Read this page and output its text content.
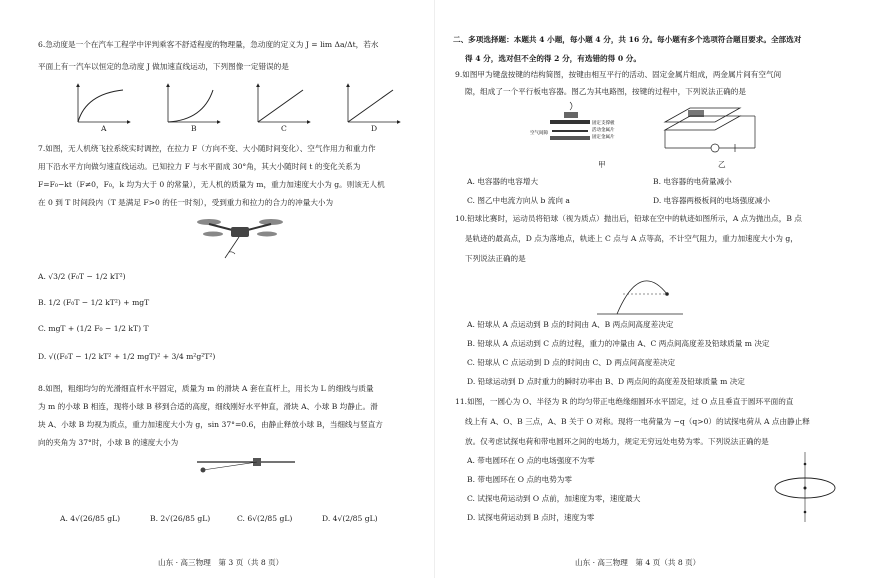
6.急动度是一个在汽车工程学中评判乘客不舒适程度的物理量，急动度的定义为 J = lim Δa/Δt，若水
平面上有一汽车以恒定的急动度 J 做加速直线运动，下列图像一定错误的是
A	B	C	D
7.如图，无人机绕飞拉系统实时调控，在拉力 F（方向不变、大小随时间变化）、空气作用力和重力作
用下沿水平方向做匀速直线运动。已知拉力 F 与水平面成 30°角，其大小随时间 t 的变化关系为
F=F₀−kt（F≠0，F₀，k 均为大于 0 的常量），无人机的质量为 m，重力加速度大小为 g。则该无人机
在 0 到 T 时间段内（T 是满足 F>0 的任一时刻），受到重力和拉力的合力的冲量大小为
A. √3/2 (F₀T − 1/2 kT²)
B. 1/2 (F₀T − 1/2 kT²) + mgT
C. mgT + (1/2 F₀ − 1/2 kT) T
D. √((F₀T − 1/2 kT² + 1/2 mgT)² + 3/4 m²g²T²)
8.如图，粗细均匀的光滑细直杆水平固定，质量为 m 的滑块 A 套在直杆上，用长为 L 的细线与质量
为 m 的小球 B 相连，现将小球 B 移到合适的高度，细线刚好水平伸直，滑块 A、小球 B 均静止。滑
块 A、小球 B 均视为质点，重力加速度大小为 g，sin 37°=0.6，由静止释放小球 B，当细线与竖直方
向的夹角为 37°时，小球 B 的速度大小为
A. 4√(26/85 gL)	B. 2√(26/85 gL)	C. 6√(2/85 gL)	D. 4√(2/85 gL)
山东 · 高三物理　第 3 页（共 8 页）
二、多项选择题：本题共 4 小题，每小题 4 分，共 16 分。每小题有多个选项符合题目要求。全部选对
得 4 分，选对但不全的得 2 分，有选错的得 0 分。
9.如图甲为键盘按键的结构简图，按键由相互平行的活动、固定金属片组成，两金属片间有空气间
隙，组成了一个平行板电容器。图乙为其电路图，按键的过程中，下列说法正确的是
固定支撑板
活动金属片
固定金属片
空气间隙
甲	乙
A. 电容器的电容增大	B. 电容器的电荷量减小
C. 图乙中电流方向从 b 流向 a	D. 电容器两极板间的电场强度减小
10.铅球比赛时，运动员将铅球（视为质点）抛出后，铅球在空中的轨迹如图所示，A 点为抛出点，B 点
是轨迹的最高点，D 点为落地点，轨迹上 C 点与 A 点等高，不计空气阻力，重力加速度大小为 g，
下列说法正确的是
A. 铅球从 A 点运动到 B 点的时间由 A、B 两点间高度差决定
B. 铅球从 A 点运动到 C 点的过程，重力的冲量由 A、C 两点间高度差及铅球质量 m 决定
C. 铅球从 C 点运动到 D 点的时间由 C、D 两点间高度差决定
D. 铅球运动到 D 点时重力的瞬时功率由 B、D 两点间的高度差及铅球质量 m 决定
11.如图，一圆心为 O、半径为 R 的均匀带正电绝缘细圆环水平固定，过 O 点且垂直于圆环平面的直
线上有 A、O、B 三点，A、B 关于 O 对称。现将一电荷量为 −q（q>0）的试探电荷从 A 点由静止释
放。仅考虑试探电荷和带电圆环之间的电场力，规定无穷远处电势为零。下列说法正确的是
A. 带电圆环在 O 点的电场强度不为零
B. 带电圆环在 O 点的电势为零
C. 试探电荷运动到 O 点前，加速度为零，速度最大
D. 试探电荷运动到 B 点时，速度为零
山东 · 高三物理　第 4 页（共 8 页）
